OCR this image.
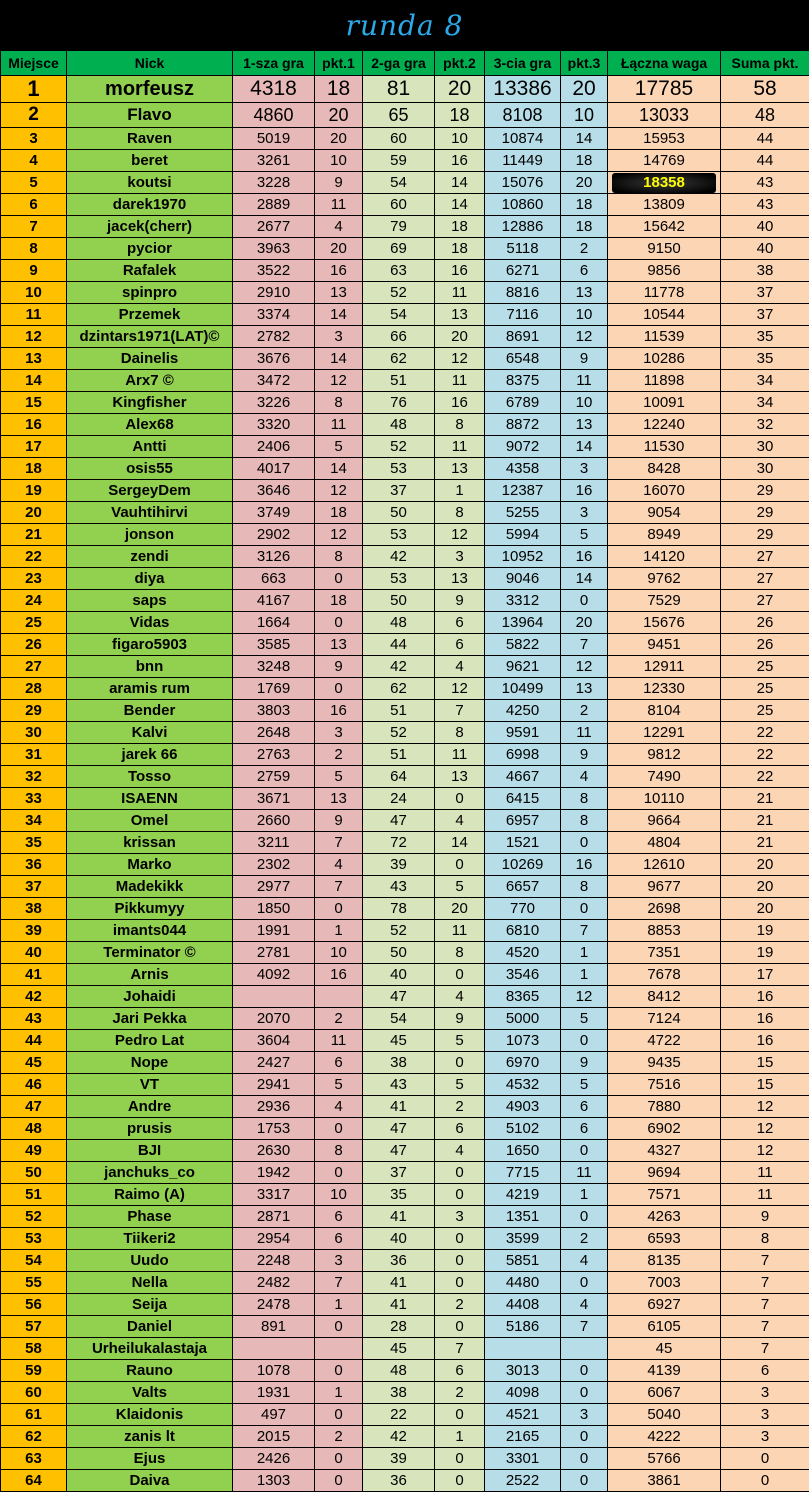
runda 8
Miejsce	Nick	1-sza gra	pkt.1	2-ga gra	pkt.2	3-cia gra	pkt.3	Łączna waga	Suma pkt.
1	morfeusz	4318	18	81	20	13386	20	17785	58
2	Flavo	4860	20	65	18	8108	10	13033	48
3	Raven	5019	20	60	10	10874	14	15953	44
4	beret	3261	10	59	16	11449	18	14769	44
5	koutsi	3228	9	54	14	15076	20	18358	43
6	darek1970	2889	11	60	14	10860	18	13809	43
7	jacek(cherr)	2677	4	79	18	12886	18	15642	40
8	pycior	3963	20	69	18	5118	2	9150	40
9	Rafalek	3522	16	63	16	6271	6	9856	38
10	spinpro	2910	13	52	11	8816	13	11778	37
11	Przemek	3374	14	54	13	7116	10	10544	37
12	dzintars1971(LAT)©	2782	3	66	20	8691	12	11539	35
13	Dainelis	3676	14	62	12	6548	9	10286	35
14	Arx7 ©	3472	12	51	11	8375	11	11898	34
15	Kingfisher	3226	8	76	16	6789	10	10091	34
16	Alex68	3320	11	48	8	8872	13	12240	32
17	Antti	2406	5	52	11	9072	14	11530	30
18	osis55	4017	14	53	13	4358	3	8428	30
19	SergeyDem	3646	12	37	1	12387	16	16070	29
20	Vauhtihirvi	3749	18	50	8	5255	3	9054	29
21	jonson	2902	12	53	12	5994	5	8949	29
22	zendi	3126	8	42	3	10952	16	14120	27
23	diya	663	0	53	13	9046	14	9762	27
24	saps	4167	18	50	9	3312	0	7529	27
25	Vidas	1664	0	48	6	13964	20	15676	26
26	figaro5903	3585	13	44	6	5822	7	9451	26
27	bnn	3248	9	42	4	9621	12	12911	25
28	aramis rum	1769	0	62	12	10499	13	12330	25
29	Bender	3803	16	51	7	4250	2	8104	25
30	Kalvi	2648	3	52	8	9591	11	12291	22
31	jarek 66	2763	2	51	11	6998	9	9812	22
32	Tosso	2759	5	64	13	4667	4	7490	22
33	ISAENN	3671	13	24	0	6415	8	10110	21
34	Omel	2660	9	47	4	6957	8	9664	21
35	krissan	3211	7	72	14	1521	0	4804	21
36	Marko	2302	4	39	0	10269	16	12610	20
37	Madekikk	2977	7	43	5	6657	8	9677	20
38	Pikkumyy	1850	0	78	20	770	0	2698	20
39	imants044	1991	1	52	11	6810	7	8853	19
40	Terminator ©	2781	10	50	8	4520	1	7351	19
41	Arnis	4092	16	40	0	3546	1	7678	17
42	Johaidi			47	4	8365	12	8412	16
43	Jari Pekka	2070	2	54	9	5000	5	7124	16
44	Pedro Lat	3604	11	45	5	1073	0	4722	16
45	Nope	2427	6	38	0	6970	9	9435	15
46	VT	2941	5	43	5	4532	5	7516	15
47	Andre	2936	4	41	2	4903	6	7880	12
48	prusis	1753	0	47	6	5102	6	6902	12
49	BJI	2630	8	47	4	1650	0	4327	12
50	janchuks_co	1942	0	37	0	7715	11	9694	11
51	Raimo (A)	3317	10	35	0	4219	1	7571	11
52	Phase	2871	6	41	3	1351	0	4263	9
53	Tiikeri2	2954	6	40	0	3599	2	6593	8
54	Uudo	2248	3	36	0	5851	4	8135	7
55	Nella	2482	7	41	0	4480	0	7003	7
56	Seija	2478	1	41	2	4408	4	6927	7
57	Daniel	891	0	28	0	5186	7	6105	7
58	Urheilukalastaja			45	7			45	7
59	Rauno	1078	0	48	6	3013	0	4139	6
60	Valts	1931	1	38	2	4098	0	6067	3
61	Klaidonis	497	0	22	0	4521	3	5040	3
62	zanis lt	2015	2	42	1	2165	0	4222	3
63	Ejus	2426	0	39	0	3301	0	5766	0
64	Daiva	1303	0	36	0	2522	0	3861	0
